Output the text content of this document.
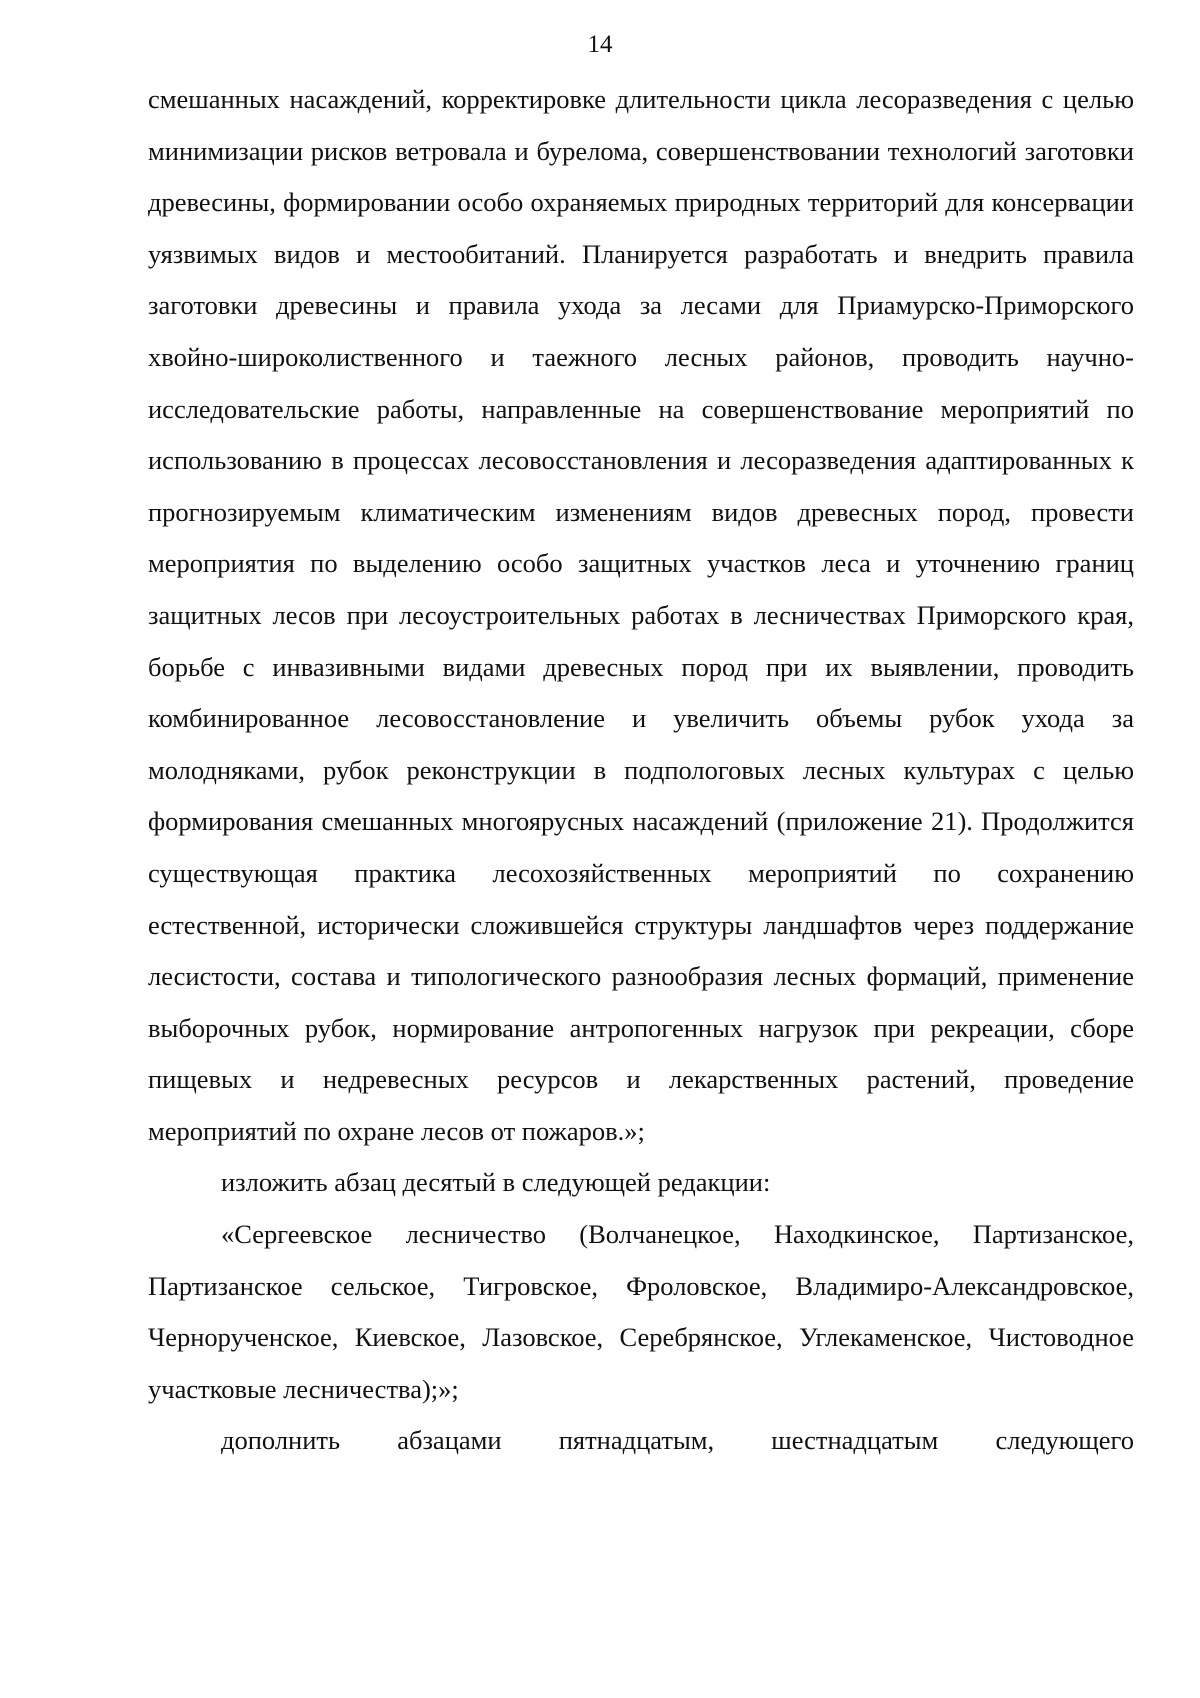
14

смешанных насаждений, корректировке длительности цикла лесоразведения с целью минимизации рисков ветровала и бурелома, совершенствовании технологий заготовки древесины, формировании особо охраняемых природных территорий для консервации уязвимых видов и местообитаний. Планируется разработать и внедрить правила заготовки древесины и правила ухода за лесами для Приамурско-Приморского хвойно-широколиственного и таежного лесных районов, проводить научно-исследовательские работы, направленные на совершенствование мероприятий по использованию в процессах лесовосстановления и лесоразведения адаптированных к прогнозируемым климатическим изменениям видов древесных пород, провести мероприятия по выделению особо защитных участков леса и уточнению границ защитных лесов при лесоустроительных работах в лесничествах Приморского края, борьбе с инвазивными видами древесных пород при их выявлении, проводить комбинированное лесовосстановление и увеличить объемы рубок ухода за молодняками, рубок реконструкции в подпологовых лесных культурах с целью формирования смешанных многоярусных насаждений (приложение 21). Продолжится существующая практика лесохозяйственных мероприятий по сохранению естественной, исторически сложившейся структуры ландшафтов через поддержание лесистости, состава и типологического разнообразия лесных формаций, применение выборочных рубок, нормирование антропогенных нагрузок при рекреации, сборе пищевых и недревесных ресурсов и лекарственных растений, проведение мероприятий по охране лесов от пожаров.»;

изложить абзац десятый в следующей редакции:

«Сергеевское лесничество (Волчанецкое, Находкинское, Партизанское, Партизанское сельское, Тигровское, Фроловское, Владимиро-Александровское, Чернорученское, Киевское, Лазовское, Серебрянское, Углекаменское, Чистоводное участковые лесничества);»;

дополнить абзацами пятнадцатым, шестнадцатым следующего
